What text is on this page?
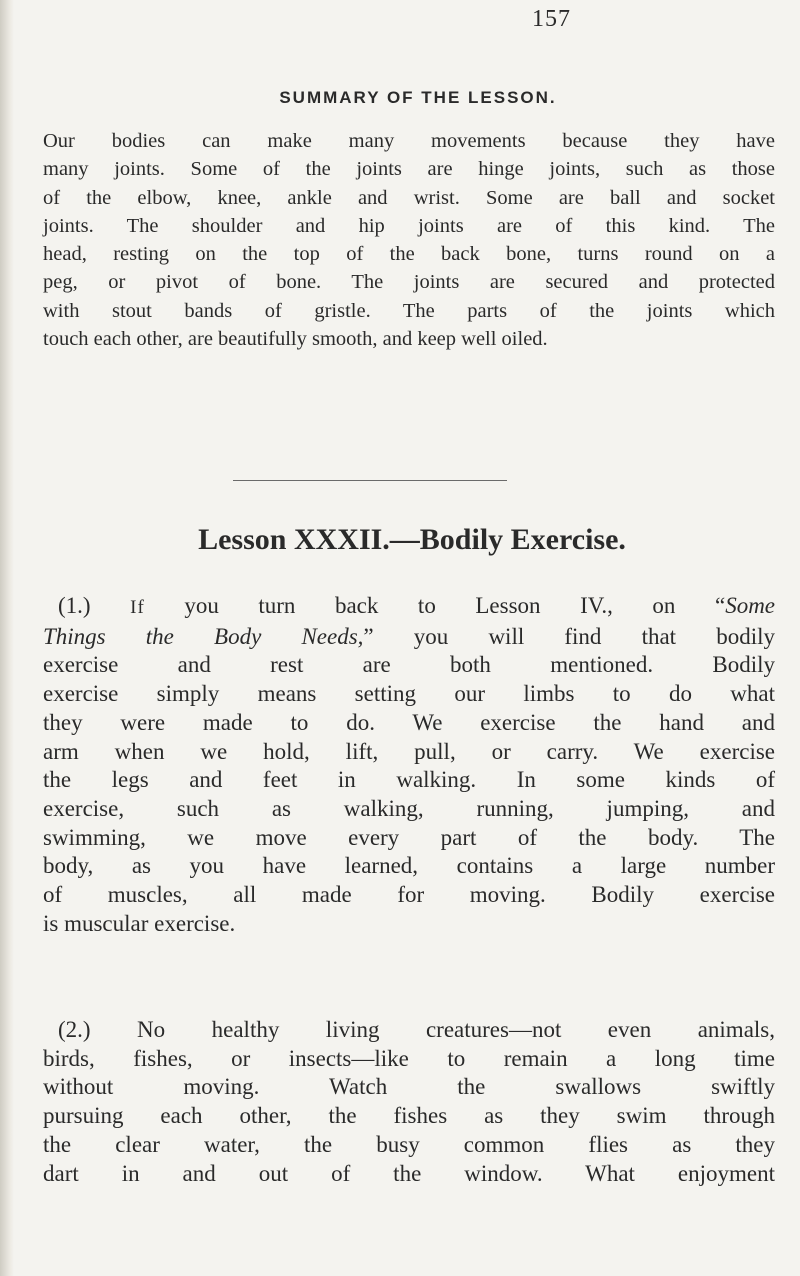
157
SUMMARY OF THE LESSON.
Our bodies can make many movements because they have
many joints. Some of the joints are hinge joints, such as those
of the elbow, knee, ankle and wrist. Some are ball and socket
joints. The shoulder and hip joints are of this kind. The
head, resting on the top of the back bone, turns round on a
peg, or pivot of bone. The joints are secured and protected
with stout bands of gristle. The parts of the joints which
touch each other, are beautifully smooth, and keep well oiled.
Lesson XXXII.—Bodily Exercise.
(1.) If you turn back to Lesson IV., on “Some
Things the Body Needs,” you will find that bodily
exercise and rest are both mentioned. Bodily
exercise simply means setting our limbs to do what
they were made to do. We exercise the hand and
arm when we hold, lift, pull, or carry. We exercise
the legs and feet in walking. In some kinds of
exercise, such as walking, running, jumping, and
swimming, we move every part of the body. The
body, as you have learned, contains a large number
of muscles, all made for moving. Bodily exercise
is muscular exercise.
(2.) No healthy living creatures—not even animals,
birds, fishes, or insects—like to remain a long time
without moving. Watch the swallows swiftly
pursuing each other, the fishes as they swim through
the clear water, the busy common flies as they
dart in and out of the window. What enjoyment
